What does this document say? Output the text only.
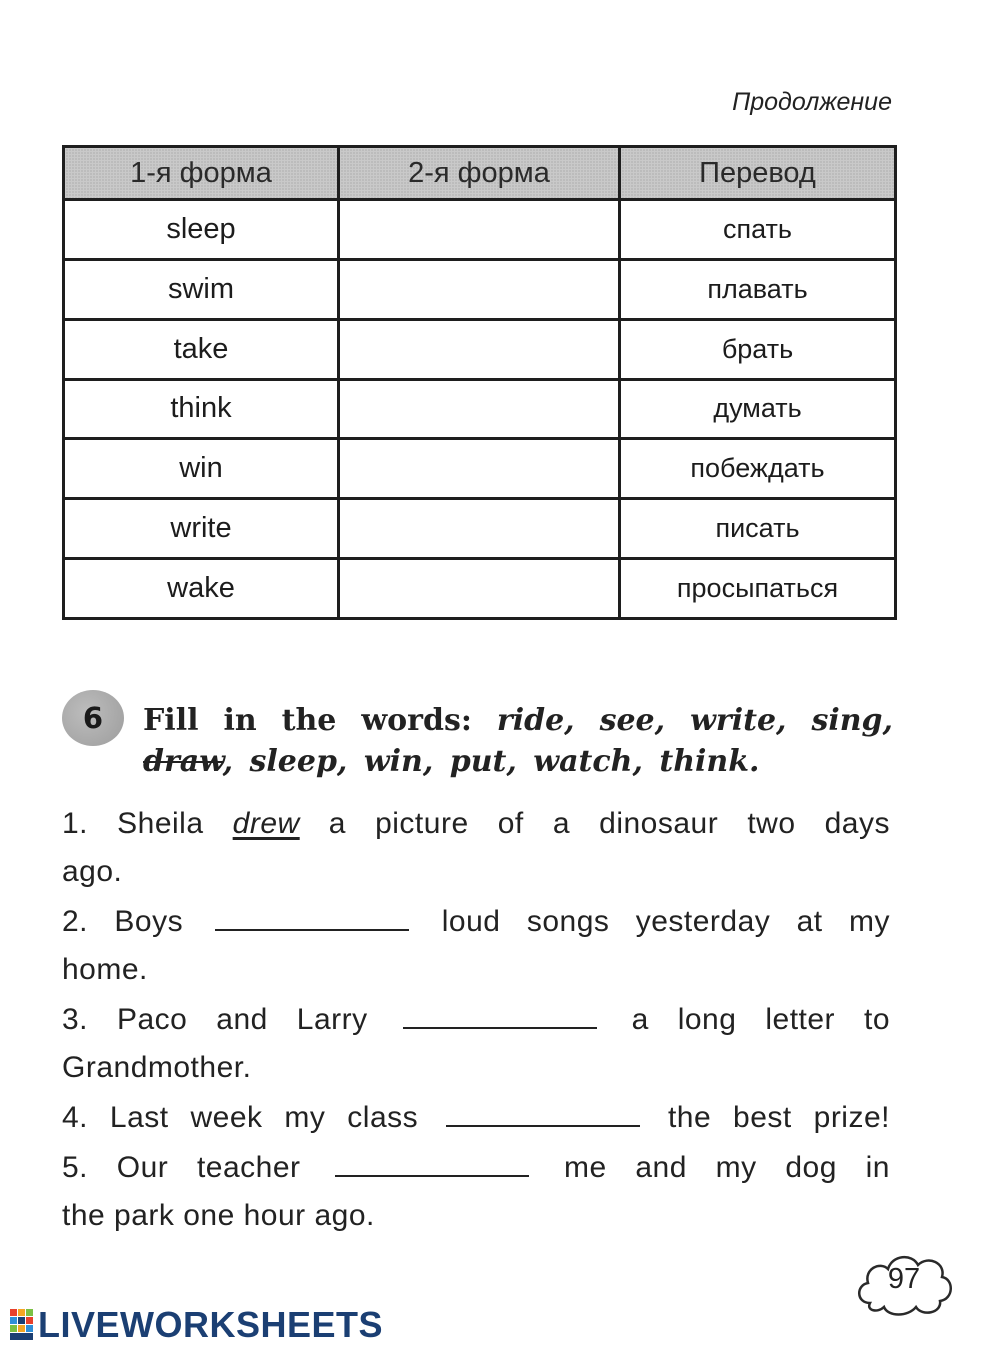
Продолжение
1-я форма	2-я форма	Перевод
sleep		спать
swim		плавать
take		брать
think		думать
win		побеждать
write		писать
wake		просыпаться
6	Fill in the words: ride, see, write, sing,
draw, sleep, win, put, watch, think.
1. Sheila drew a picture of a dinosaur two days
ago.
2. Boys	loud songs yesterday at my
home.
3. Paco and Larry	a long letter to
Grandmother.
4. Last week my class	the best prize!
5. Our teacher	me and my dog in
the park one hour ago.
97
LIVEWORKSHEETS
